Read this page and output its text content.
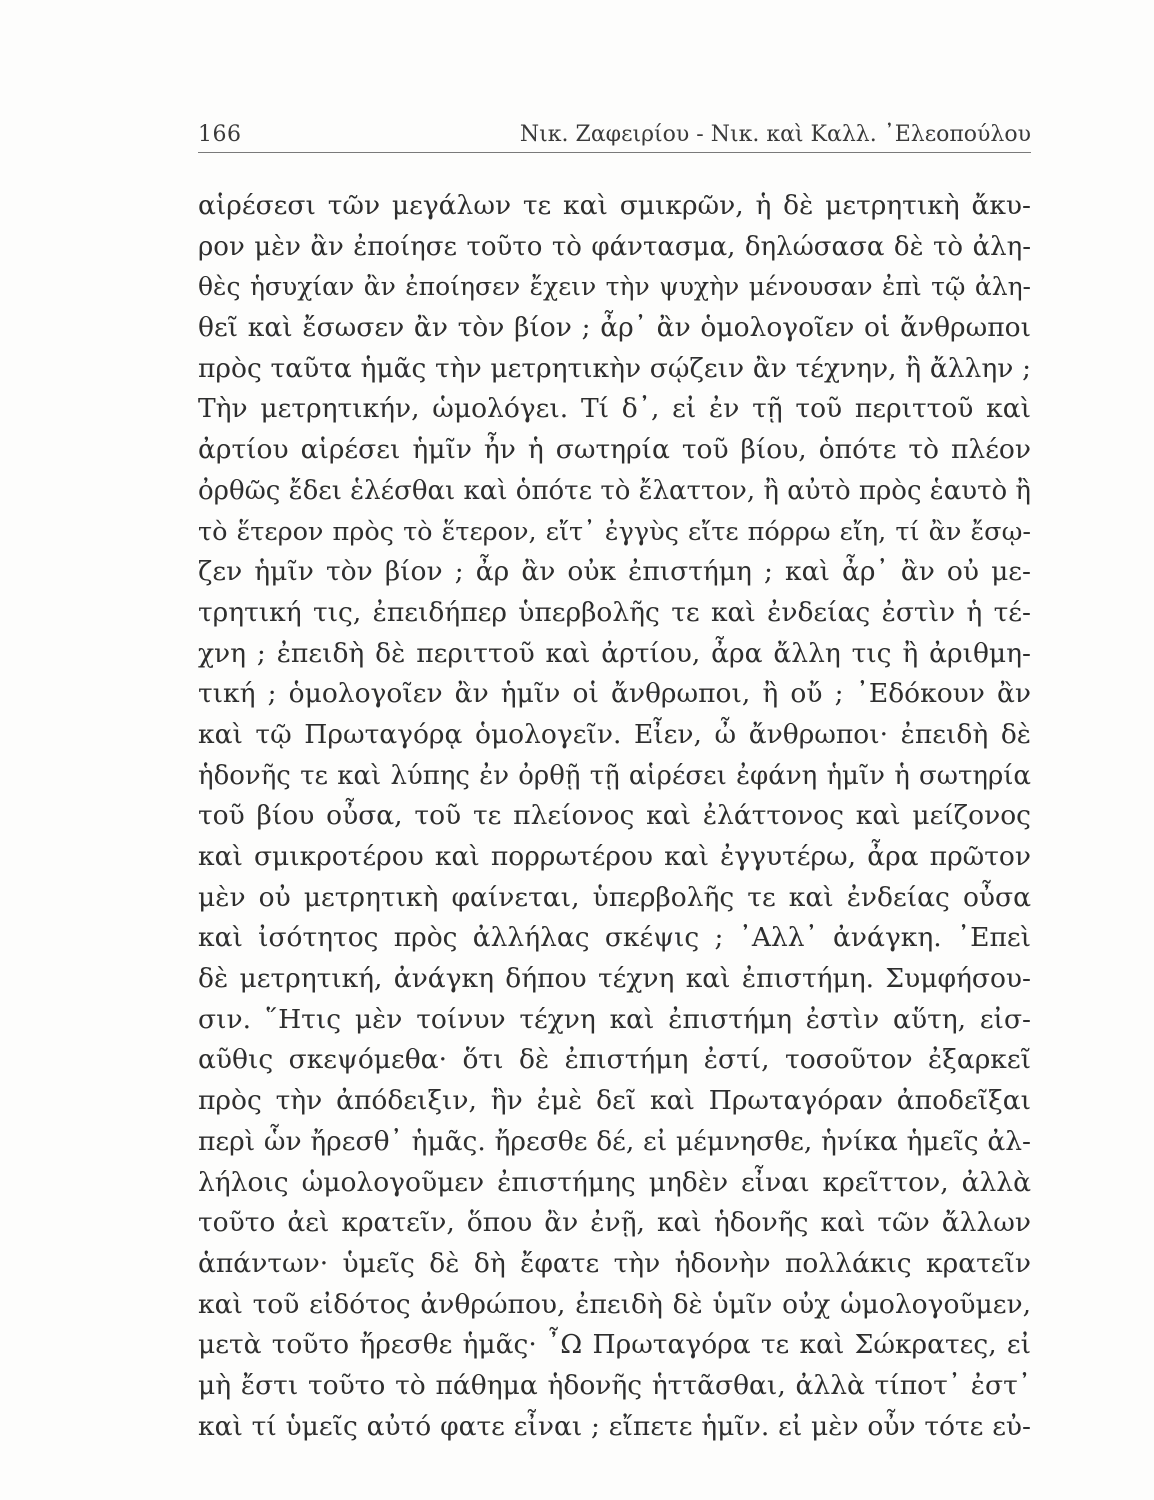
166	Νικ. Ζαφειρίου - Νικ. καὶ Καλλ. ᾿Ελεοπούλου
αἱρέσεσι τῶν μεγάλων τε καὶ σμικρῶν, ἡ δὲ μετρητικὴ ἄκυ-
ρον μὲν ἂν ἐποίησε τοῦτο τὸ φάντασμα, δηλώσασα δὲ τὸ ἀλη-
θὲς ἡσυχίαν ἂν ἐποίησεν ἔχειν τὴν ψυχὴν μένουσαν ἐπὶ τῷ ἀλη-
θεῖ καὶ ἔσωσεν ἂν τὸν βίον ; ἆρ᾽ ἂν ὁμολογοῖεν οἱ ἄνθρωποι
πρὸς ταῦτα ἡμᾶς τὴν μετρητικὴν σῴζειν ἂν τέχνην, ἢ ἄλλην ;
Τὴν μετρητικήν, ὡμολόγει. Τί δ᾽, εἰ ἐν τῇ τοῦ περιττοῦ καὶ
ἀρτίου αἱρέσει ἡμῖν ἦν ἡ σωτηρία τοῦ βίου, ὁπότε τὸ πλέον
ὀρθῶς ἔδει ἑλέσθαι καὶ ὁπότε τὸ ἔλαττον, ἢ αὐτὸ πρὸς ἑαυτὸ ἢ
τὸ ἕτερον πρὸς τὸ ἕτερον, εἴτ᾽ ἐγγὺς εἴτε πόρρω εἴη, τί ἂν ἔσῳ-
ζεν ἡμῖν τὸν βίον ; ἆρ ἂν οὐκ ἐπιστήμη ; καὶ ἆρ᾽ ἂν οὐ με-
τρητική τις, ἐπειδήπερ ὑπερβολῆς τε καὶ ἐνδείας ἐστὶν ἡ τέ-
χνη ; ἐπειδὴ δὲ περιττοῦ καὶ ἀρτίου, ἆρα ἄλλη τις ἢ ἀριθμη-
τική ; ὁμολογοῖεν ἂν ἡμῖν οἱ ἄνθρωποι, ἢ οὔ ; ᾿Εδόκουν ἂν
καὶ τῷ Πρωταγόρᾳ ὁμολογεῖν. Εἶεν, ὦ ἄνθρωποι· ἐπειδὴ δὲ
ἡδονῆς τε καὶ λύπης ἐν ὀρθῇ τῇ αἱρέσει ἐφάνη ἡμῖν ἡ σωτηρία
τοῦ βίου οὖσα, τοῦ τε πλείονος καὶ ἐλάττονος καὶ μείζονος
καὶ σμικροτέρου καὶ πορρωτέρου καὶ ἐγγυτέρω, ἆρα πρῶτον
μὲν οὐ μετρητικὴ φαίνεται, ὑπερβολῆς τε καὶ ἐνδείας οὖσα
καὶ ἰσότητος πρὸς ἀλλήλας σκέψις ; ᾿Αλλ᾽ ἀνάγκη. ᾿Επεὶ
δὲ μετρητική, ἀνάγκη δήπου τέχνη καὶ ἐπιστήμη. Συμφήσου-
σιν. ῞Ητις μὲν τοίνυν τέχνη καὶ ἐπιστήμη ἐστὶν αὕτη, εἰσ-
αῦθις σκεψόμεθα· ὅτι δὲ ἐπιστήμη ἐστί, τοσοῦτον ἐξαρκεῖ
πρὸς τὴν ἀπόδειξιν, ἣν ἐμὲ δεῖ καὶ Πρωταγόραν ἀποδεῖξαι
περὶ ὧν ἤρεσθ᾽ ἡμᾶς. ἤρεσθε δέ, εἰ μέμνησθε, ἡνίκα ἡμεῖς ἀλ-
λήλοις ὡμολογοῦμεν ἐπιστήμης μηδὲν εἶναι κρεῖττον, ἀλλὰ
τοῦτο ἀεὶ κρατεῖν, ὅπου ἂν ἐνῇ, καὶ ἡδονῆς καὶ τῶν ἄλλων
ἁπάντων· ὑμεῖς δὲ δὴ ἔφατε τὴν ἡδονὴν πολλάκις κρατεῖν
καὶ τοῦ εἰδότος ἀνθρώπου, ἐπειδὴ δὲ ὑμῖν οὐχ ὡμολογοῦμεν,
μετὰ τοῦτο ἤρεσθε ἡμᾶς· ῏Ω Πρωταγόρα τε καὶ Σώκρατες, εἰ
μὴ ἔστι τοῦτο τὸ πάθημα ἡδονῆς ἡττᾶσθαι, ἀλλὰ τίποτ᾽ ἐστ᾽
καὶ τί ὑμεῖς αὐτό φατε εἶναι ; εἴπετε ἡμῖν. εἰ μὲν οὖν τότε εὐ-
